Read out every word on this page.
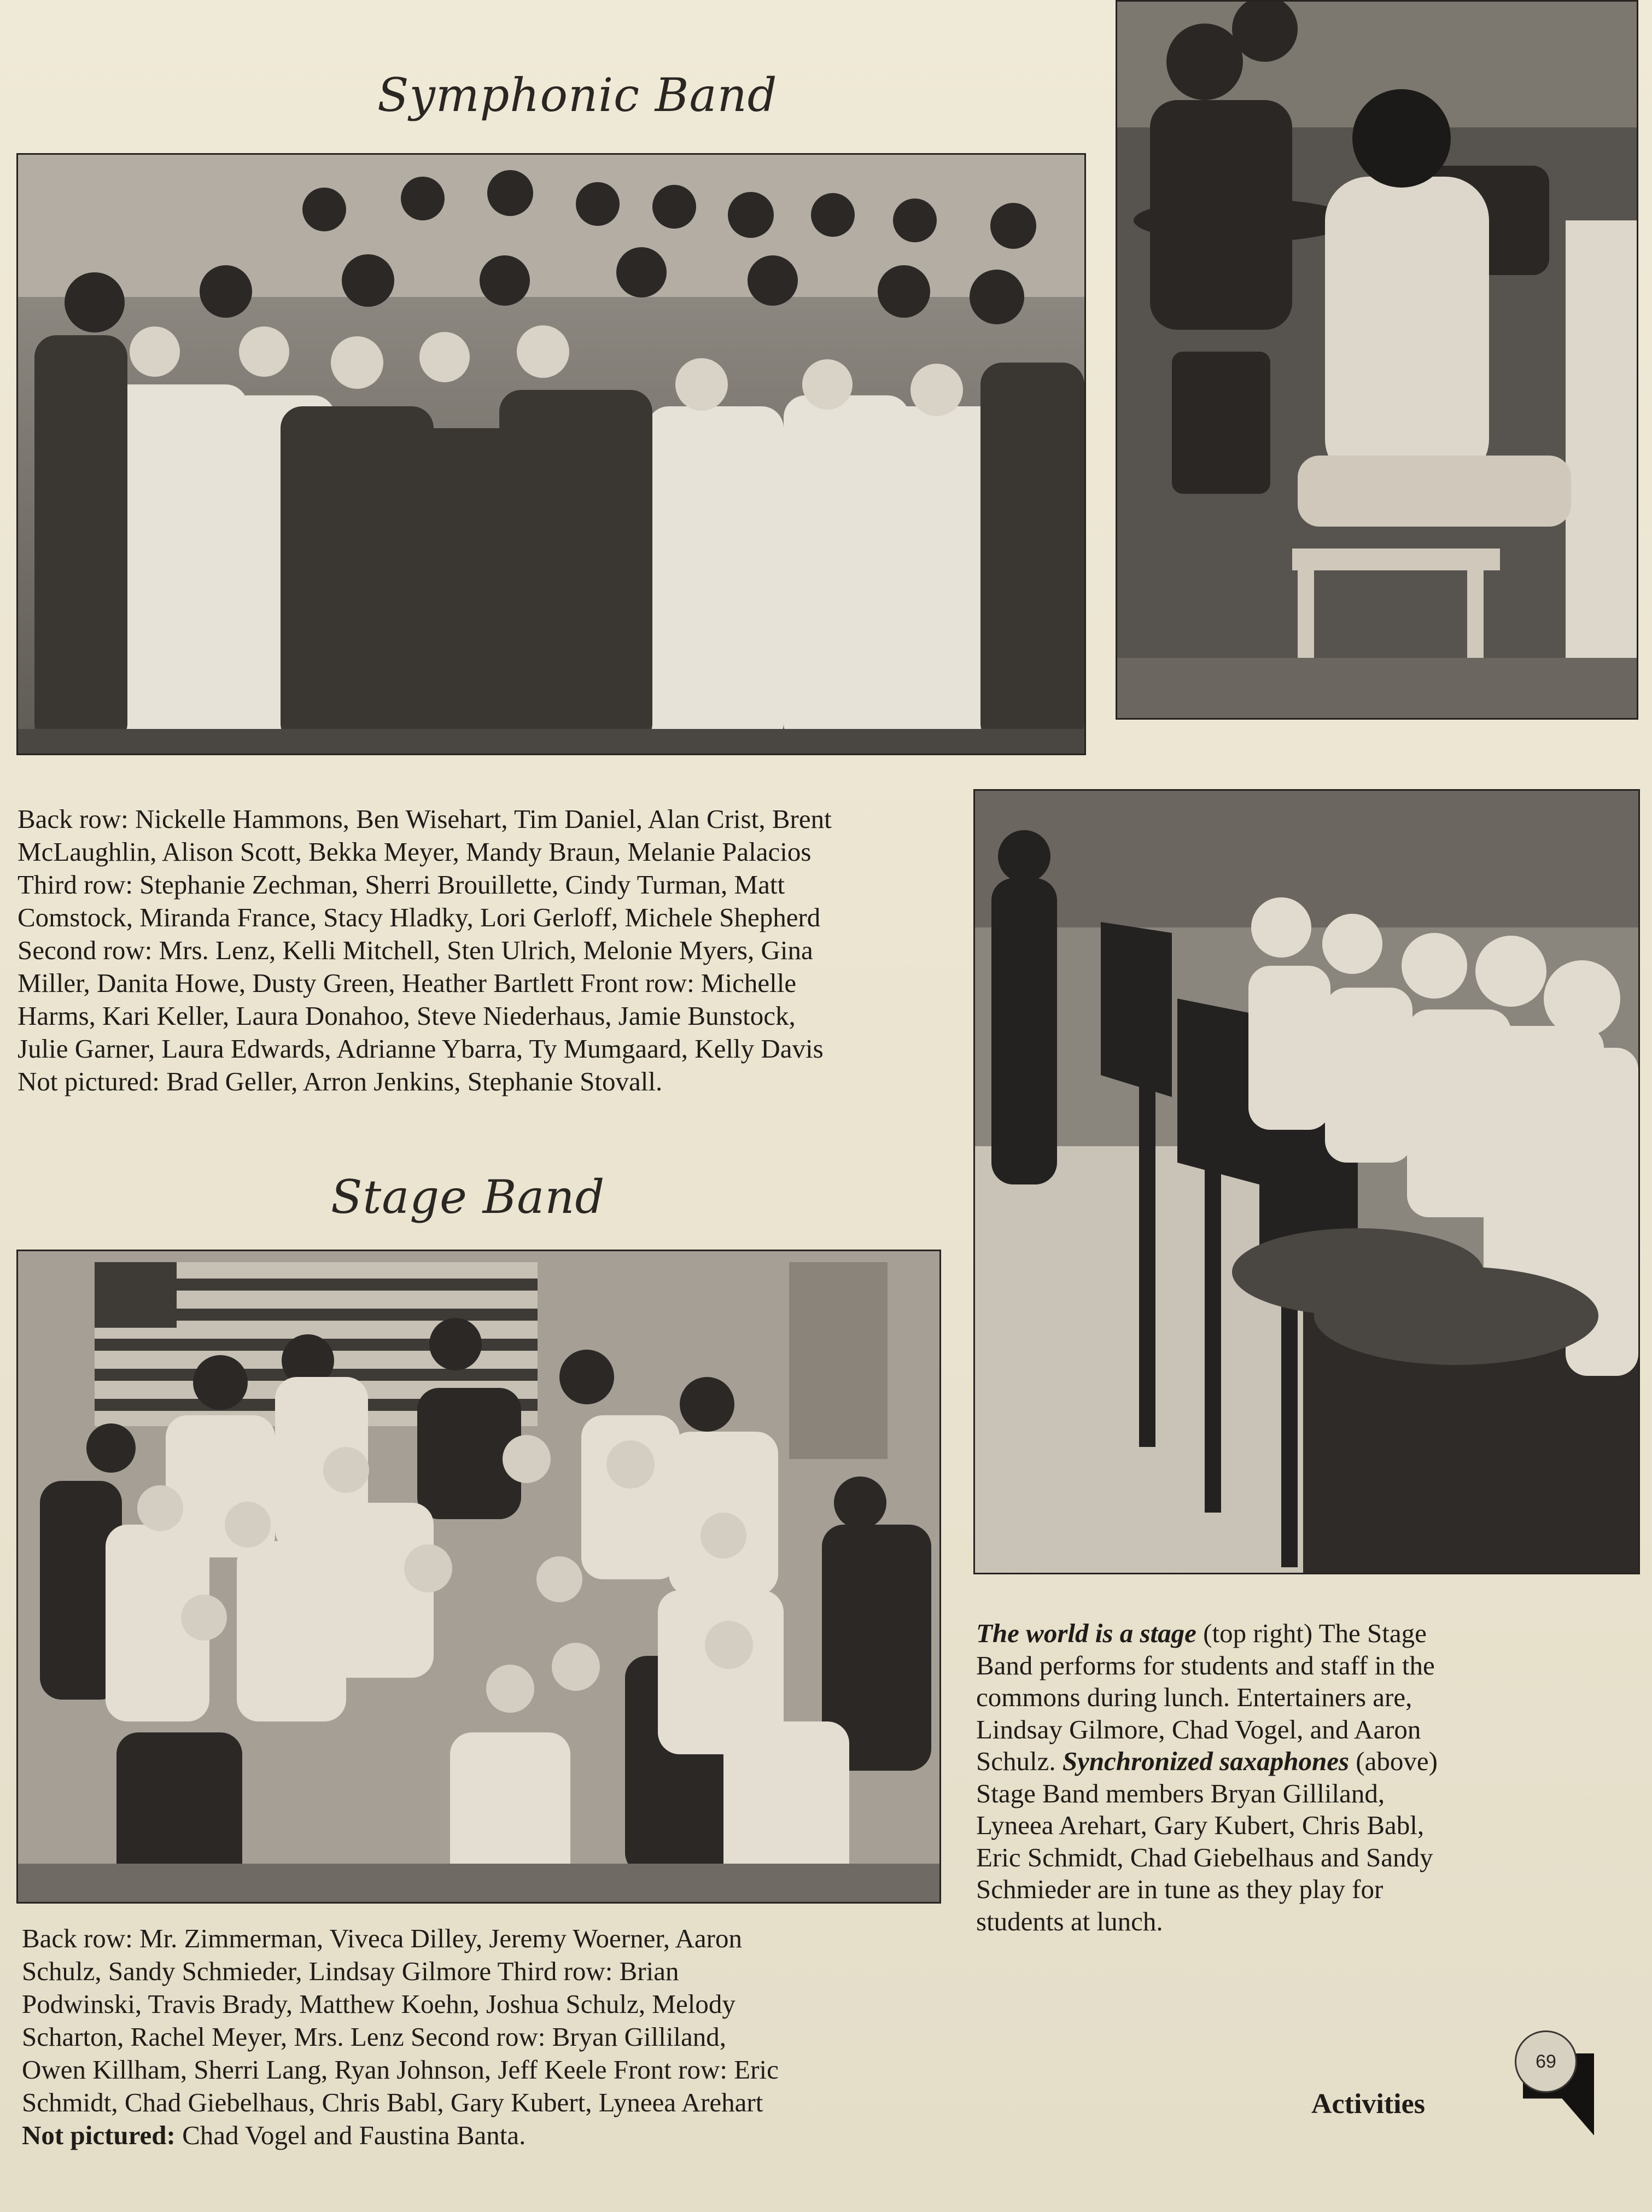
Symphonic Band
Back row: Nickelle Hammons, Ben Wisehart, Tim Daniel, Alan Crist, Brent
McLaughlin, Alison Scott, Bekka Meyer, Mandy Braun, Melanie Palacios
Third row: Stephanie Zechman, Sherri Brouillette, Cindy Turman, Matt
Comstock, Miranda France, Stacy Hladky, Lori Gerloff, Michele Shepherd
Second row: Mrs. Lenz, Kelli Mitchell, Sten Ulrich, Melonie Myers, Gina
Miller, Danita Howe, Dusty Green, Heather Bartlett Front row: Michelle
Harms, Kari Keller, Laura Donahoo, Steve Niederhaus, Jamie Bunstock,
Julie Garner, Laura Edwards, Adrianne Ybarra, Ty Mumgaard, Kelly Davis
Not pictured: Brad Geller, Arron Jenkins, Stephanie Stovall.
Stage Band
The world is a stage (top right) The Stage
Band performs for students and staff in the
commons during lunch. Entertainers are,
Lindsay Gilmore, Chad Vogel, and Aaron
Schulz. Synchronized saxaphones (above)
Stage Band members Bryan Gilliland,
Lyneea Arehart, Gary Kubert, Chris Babl,
Eric Schmidt, Chad Giebelhaus and Sandy
Schmieder are in tune as they play for
students at lunch.
Back row: Mr. Zimmerman, Viveca Dilley, Jeremy Woerner, Aaron
Schulz, Sandy Schmieder, Lindsay Gilmore Third row: Brian
Podwinski, Travis Brady, Matthew Koehn, Joshua Schulz, Melody
Scharton, Rachel Meyer, Mrs. Lenz Second row: Bryan Gilliland,
Owen Killham, Sherri Lang, Ryan Johnson, Jeff Keele Front row: Eric
Schmidt, Chad Giebelhaus, Chris Babl, Gary Kubert, Lyneea Arehart
Not pictured: Chad Vogel and Faustina Banta.
Activities
69
